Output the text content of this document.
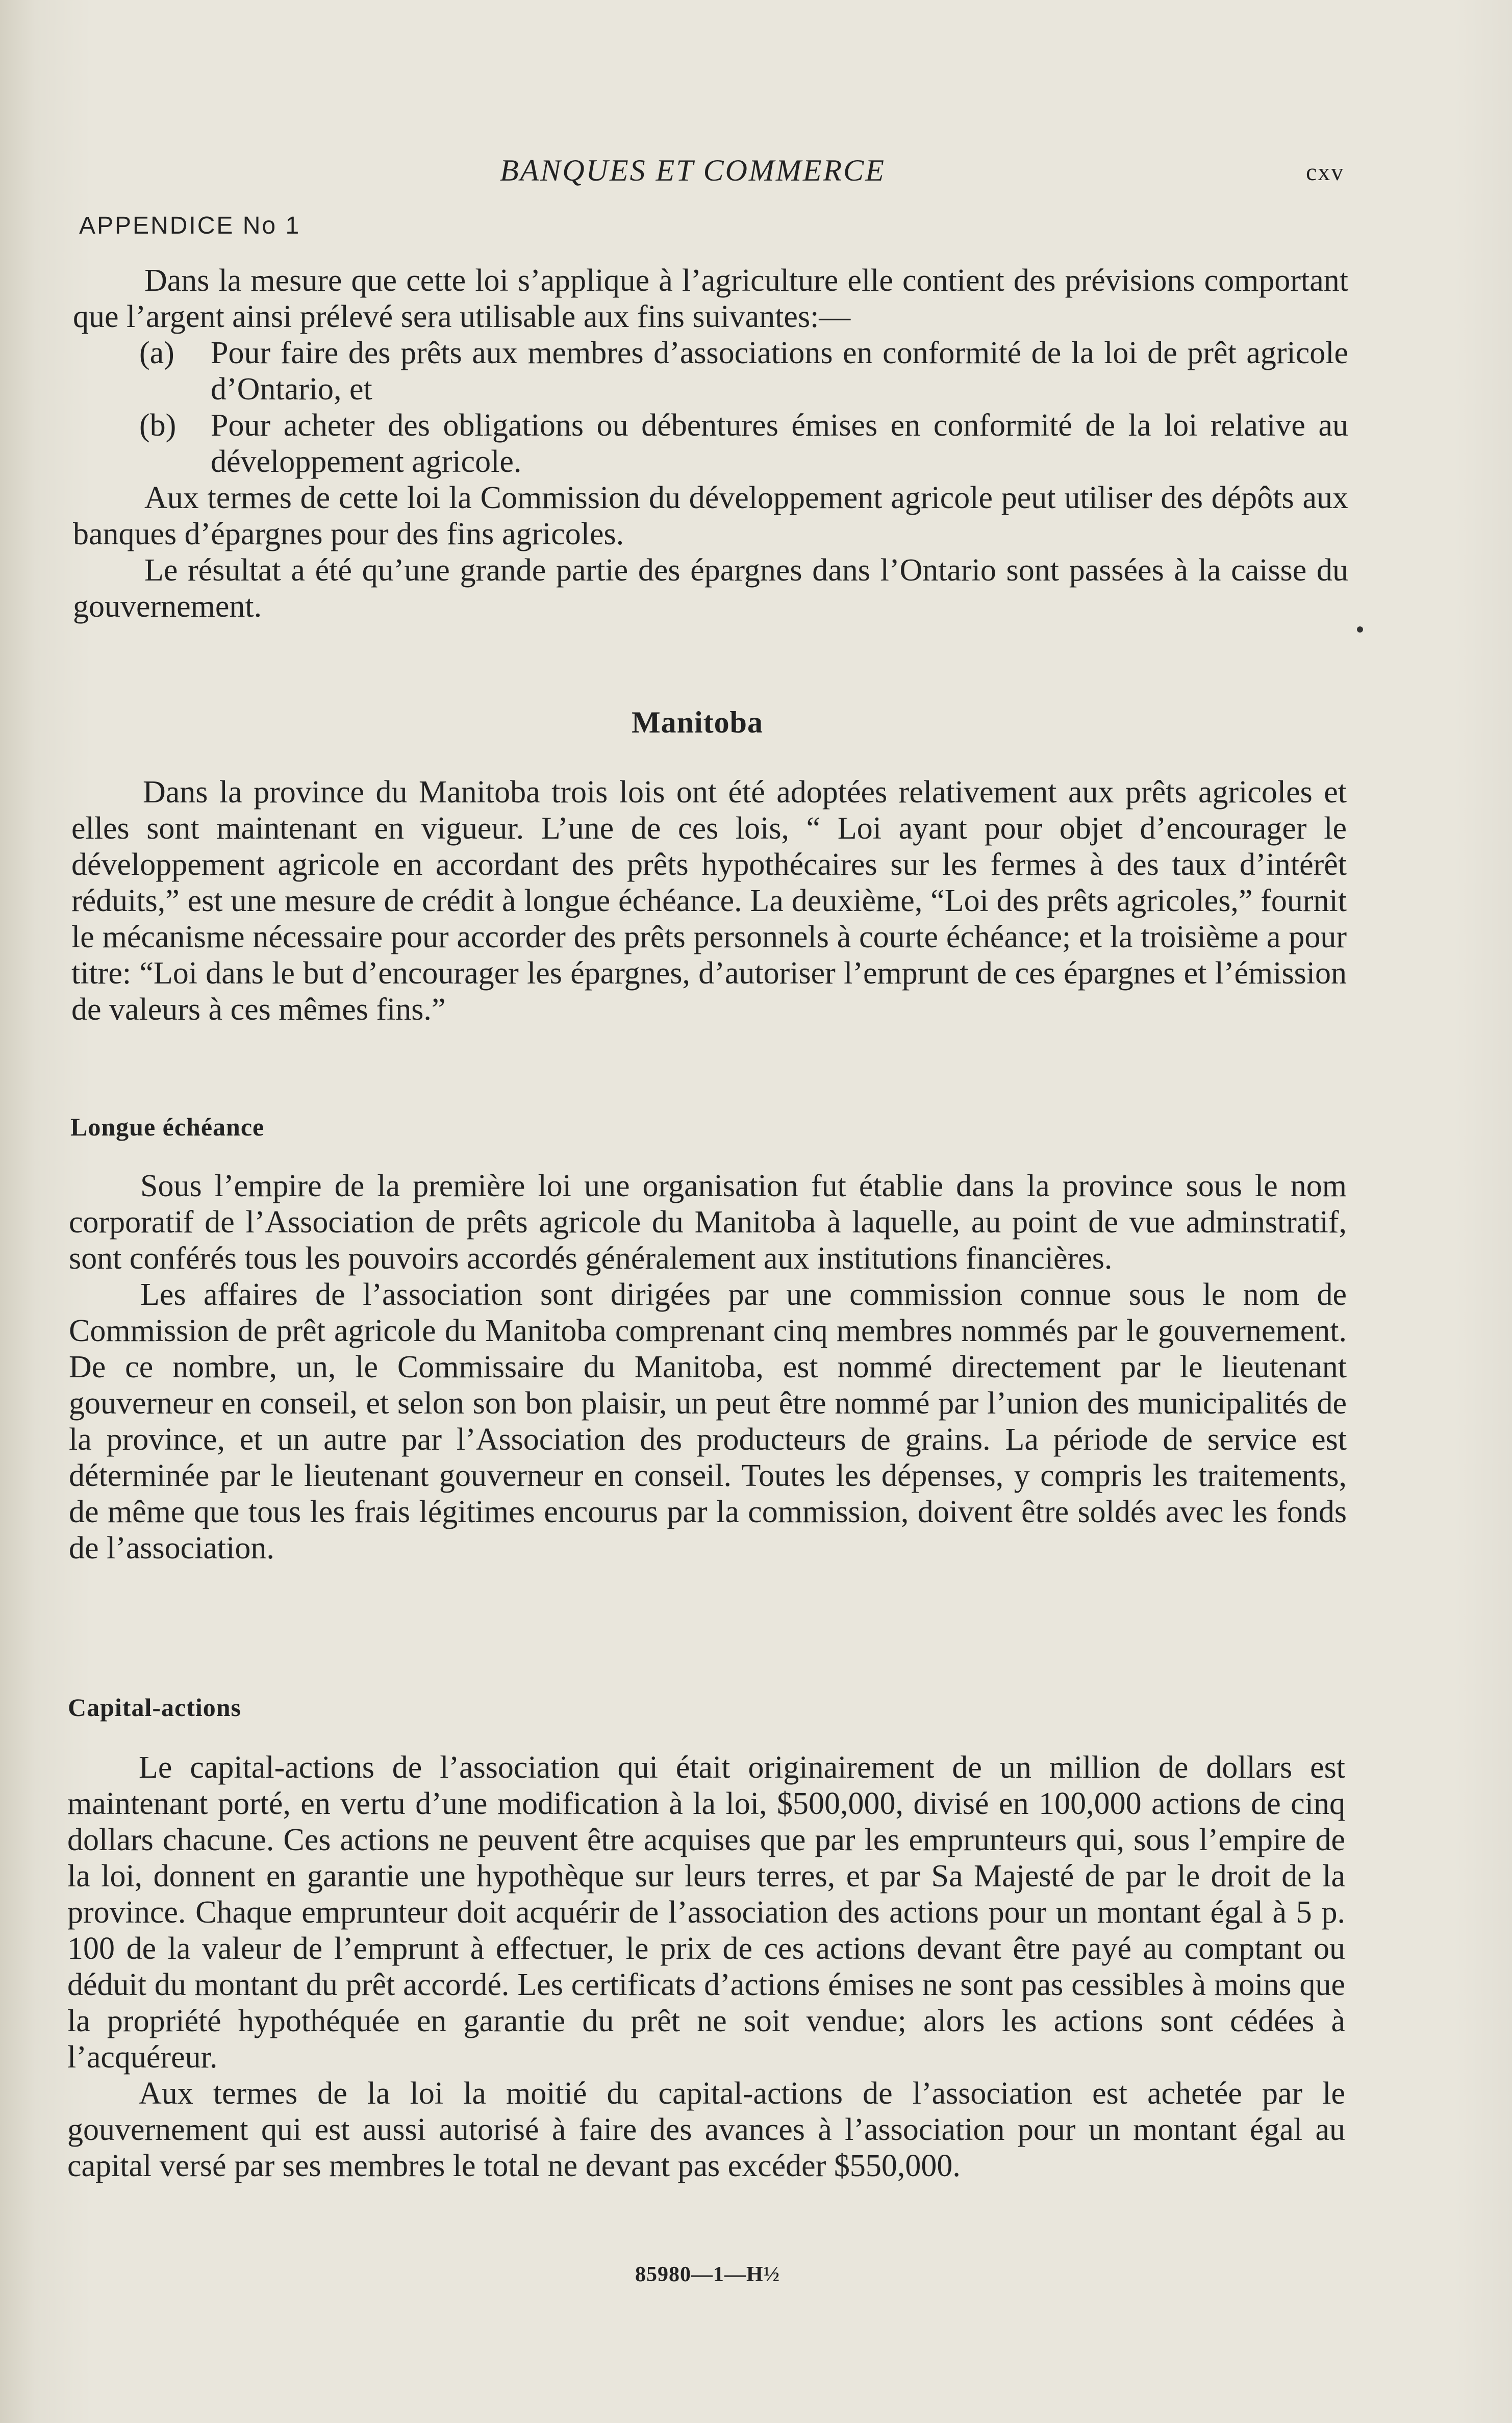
BANQUES ET COMMERCE	cxv
APPENDICE No 1

Dans la mesure que cette loi s’applique à l’agriculture elle contient des prévisions comportant que l’argent ainsi prélevé sera utilisable aux fins suivantes:—

(a)	Pour faire des prêts aux membres d’associations en conformité de la loi de prêt agricole d’Ontario, et
(b)	Pour acheter des obligations ou débentures émises en conformité de la loi relative au développement agricole.

Aux termes de cette loi la Commission du développement agricole peut utiliser des dépôts aux banques d’épargnes pour des fins agricoles.

Le résultat a été qu’une grande partie des épargnes dans l’Ontario sont passées à la caisse du gouvernement.

Manitoba

Dans la province du Manitoba trois lois ont été adoptées relativement aux prêts agricoles et elles sont maintenant en vigueur. L’une de ces lois, “ Loi ayant pour objet d’encourager le développement agricole en accordant des prêts hypothécaires sur les fermes à des taux d’intérêt réduits,” est une mesure de crédit à longue échéance. La deuxième, “Loi des prêts agricoles,” fournit le mécanisme nécessaire pour accorder des prêts personnels à courte échéance; et la troisième a pour titre: “Loi dans le but d’encourager les épargnes, d’autoriser l’emprunt de ces épargnes et l’émission de valeurs à ces mêmes fins.”

Longue échéance

Sous l’empire de la première loi une organisation fut établie dans la province sous le nom corporatif de l’Association de prêts agricole du Manitoba à laquelle, au point de vue adminstratif, sont conférés tous les pouvoirs accordés généralement aux institutions financières.

Les affaires de l’association sont dirigées par une commission connue sous le nom de Commission de prêt agricole du Manitoba comprenant cinq membres nommés par le gouvernement. De ce nombre, un, le Commissaire du Manitoba, est nommé directement par le lieutenant gouverneur en conseil, et selon son bon plaisir, un peut être nommé par l’union des municipalités de la province, et un autre par l’Association des producteurs de grains. La période de service est déterminée par le lieutenant gouverneur en conseil. Toutes les dépenses, y compris les traitements, de même que tous les frais légitimes encourus par la commission, doivent être soldés avec les fonds de l’association.

Capital-actions

Le capital-actions de l’association qui était originairement de un million de dollars est maintenant porté, en vertu d’une modification à la loi, $500,000, divisé en 100,000 actions de cinq dollars chacune. Ces actions ne peuvent être acquises que par les emprunteurs qui, sous l’empire de la loi, donnent en garantie une hypothèque sur leurs terres, et par Sa Majesté de par le droit de la province. Chaque emprunteur doit acquérir de l’association des actions pour un montant égal à 5 p. 100 de la valeur de l’emprunt à effectuer, le prix de ces actions devant être payé au comptant ou déduit du montant du prêt accordé. Les certificats d’actions émises ne sont pas cessibles à moins que la propriété hypothéquée en garantie du prêt ne soit vendue; alors les actions sont cédées à l’acquéreur.

Aux termes de la loi la moitié du capital-actions de l’association est achetée par le gouvernement qui est aussi autorisé à faire des avances à l’association pour un montant égal au capital versé par ses membres le total ne devant pas excéder $550,000.

85980—1—H½
